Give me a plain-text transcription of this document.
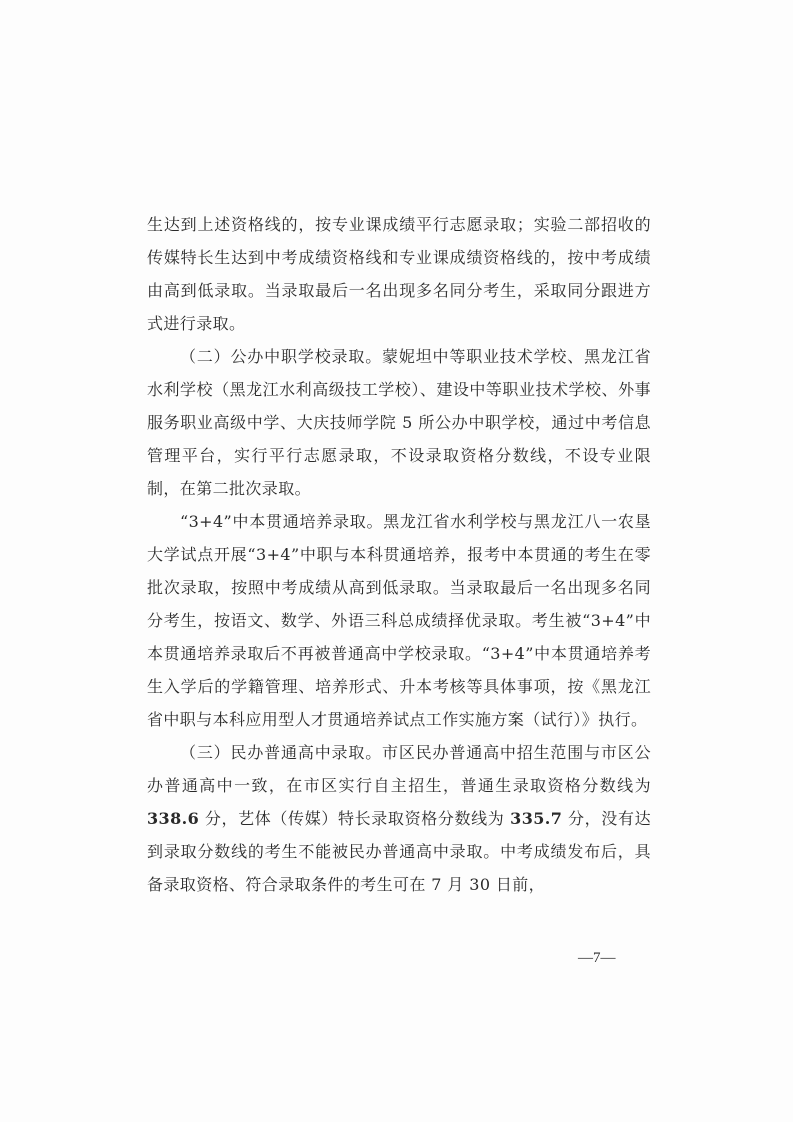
生达到上述资格线的，按专业课成绩平行志愿录取；实验二部招收的传媒特长生达到中考成绩资格线和专业课成绩资格线的，按中考成绩由高到低录取。当录取最后一名出现多名同分考生，采取同分跟进方式进行录取。

（二）公办中职学校录取。蒙妮坦中等职业技术学校、黑龙江省水利学校（黑龙江水利高级技工学校）、建设中等职业技术学校、外事服务职业高级中学、大庆技师学院 5 所公办中职学校，通过中考信息管理平台，实行平行志愿录取，不设录取资格分数线，不设专业限制，在第二批次录取。

“3+4”中本贯通培养录取。黑龙江省水利学校与黑龙江八一农垦大学试点开展“3+4”中职与本科贯通培养，报考中本贯通的考生在零批次录取，按照中考成绩从高到低录取。当录取最后一名出现多名同分考生，按语文、数学、外语三科总成绩择优录取。考生被“3+4”中本贯通培养录取后不再被普通高中学校录取。“3+4”中本贯通培养考生入学后的学籍管理、培养形式、升本考核等具体事项，按《黑龙江省中职与本科应用型人才贯通培养试点工作实施方案（试行）》执行。

（三）民办普通高中录取。市区民办普通高中招生范围与市区公办普通高中一致，在市区实行自主招生，普通生录取资格分数线为 338.6 分，艺体（传媒）特长录取资格分数线为 335.7 分，没有达到录取分数线的考生不能被民办普通高中录取。中考成绩发布后，具备录取资格、符合录取条件的考生可在 7 月 30 日前，

—7—
